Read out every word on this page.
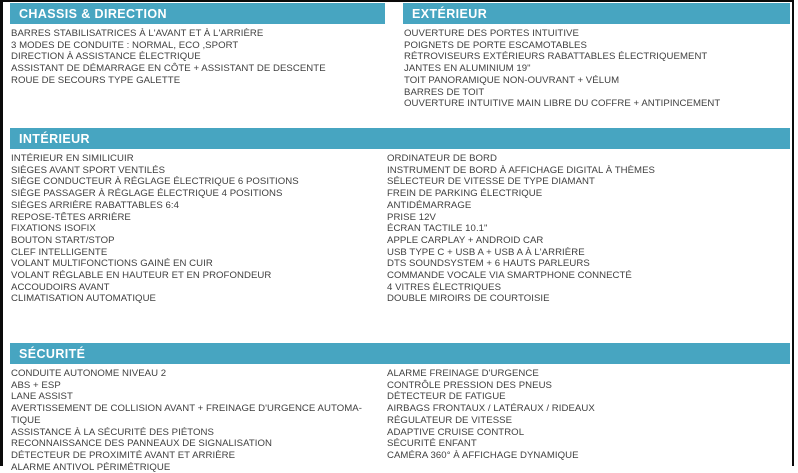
CHASSIS & DIRECTION
BARRES STABILISATRICES À L'AVANT ET À L'ARRIÈRE
3 MODES DE CONDUITE : NORMAL, ECO ,SPORT
DIRECTION À ASSISTANCE ÉLECTRIQUE
ASSISTANT DE DÉMARRAGE EN CÔTE + ASSISTANT DE DESCENTE
ROUE DE SECOURS TYPE GALETTE
EXTÉRIEUR
OUVERTURE DES PORTES INTUITIVE
POIGNETS DE PORTE ESCAMOTABLES
RÉTROVISEURS EXTÉRIEURS RABATTABLES ÉLECTRIQUEMENT
JANTES EN ALUMINIUM 19"
TOIT PANORAMIQUE NON-OUVRANT + VÉLUM
BARRES DE TOIT
OUVERTURE INTUITIVE MAIN LIBRE DU COFFRE + ANTIPINCEMENT
INTÉRIEUR
INTÉRIEUR EN SIMILICUIR
SIÈGES AVANT SPORT VENTILÉS
SIÈGE CONDUCTEUR À RÉGLAGE ÉLECTRIQUE 6 POSITIONS
SIÈGE PASSAGER À RÉGLAGE ÉLECTRIQUE 4 POSITIONS
SIÈGES ARRIÈRE RABATTABLES 6:4
REPOSE-TÊTES ARRIÈRE
FIXATIONS ISOFIX
BOUTON START/STOP
CLEF INTELLIGENTE
VOLANT MULTIFONCTIONS GAINÉ EN CUIR
VOLANT RÉGLABLE EN HAUTEUR ET EN PROFONDEUR
ACCOUDOIRS AVANT
CLIMATISATION AUTOMATIQUE
ORDINATEUR DE BORD
INSTRUMENT DE BORD À AFFICHAGE DIGITAL À THÈMES
SÉLECTEUR DE VITESSE DE TYPE DIAMANT
FREIN DE PARKING ÉLECTRIQUE
ANTIDÉMARRAGE
PRISE 12V
ÉCRAN TACTILE 10.1"
APPLE CARPLAY + ANDROID CAR
USB TYPE C + USB A + USB A À L'ARRIÈRE
DTS SOUNDSYSTEM + 6 HAUTS PARLEURS
COMMANDE VOCALE VIA SMARTPHONE CONNECTÉ
4 VITRES ÉLECTRIQUES
DOUBLE MIROIRS DE COURTOISIE
SÉCURITÉ
CONDUITE AUTONOME NIVEAU 2
ABS + ESP
LANE ASSIST
AVERTISSEMENT DE COLLISION AVANT + FREINAGE D'URGENCE AUTOMA-TIQUE
ASSISTANCE À LA SÉCURITÉ DES PIÉTONS
RECONNAISSANCE DES PANNEAUX DE SIGNALISATION
DÉTECTEUR DE PROXIMITÉ AVANT ET ARRIÈRE
ALARME ANTIVOL PÉRIMÉTRIQUE
ALARME FREINAGE D'URGENCE
CONTRÔLE PRESSION DES PNEUS
DÉTECTEUR DE FATIGUE
AIRBAGS FRONTAUX / LATÉRAUX / RIDEAUX
RÉGULATEUR DE VITESSE
ADAPTIVE CRUISE CONTROL
SÉCURITÉ ENFANT
CAMÉRA 360° À AFFICHAGE DYNAMIQUE
